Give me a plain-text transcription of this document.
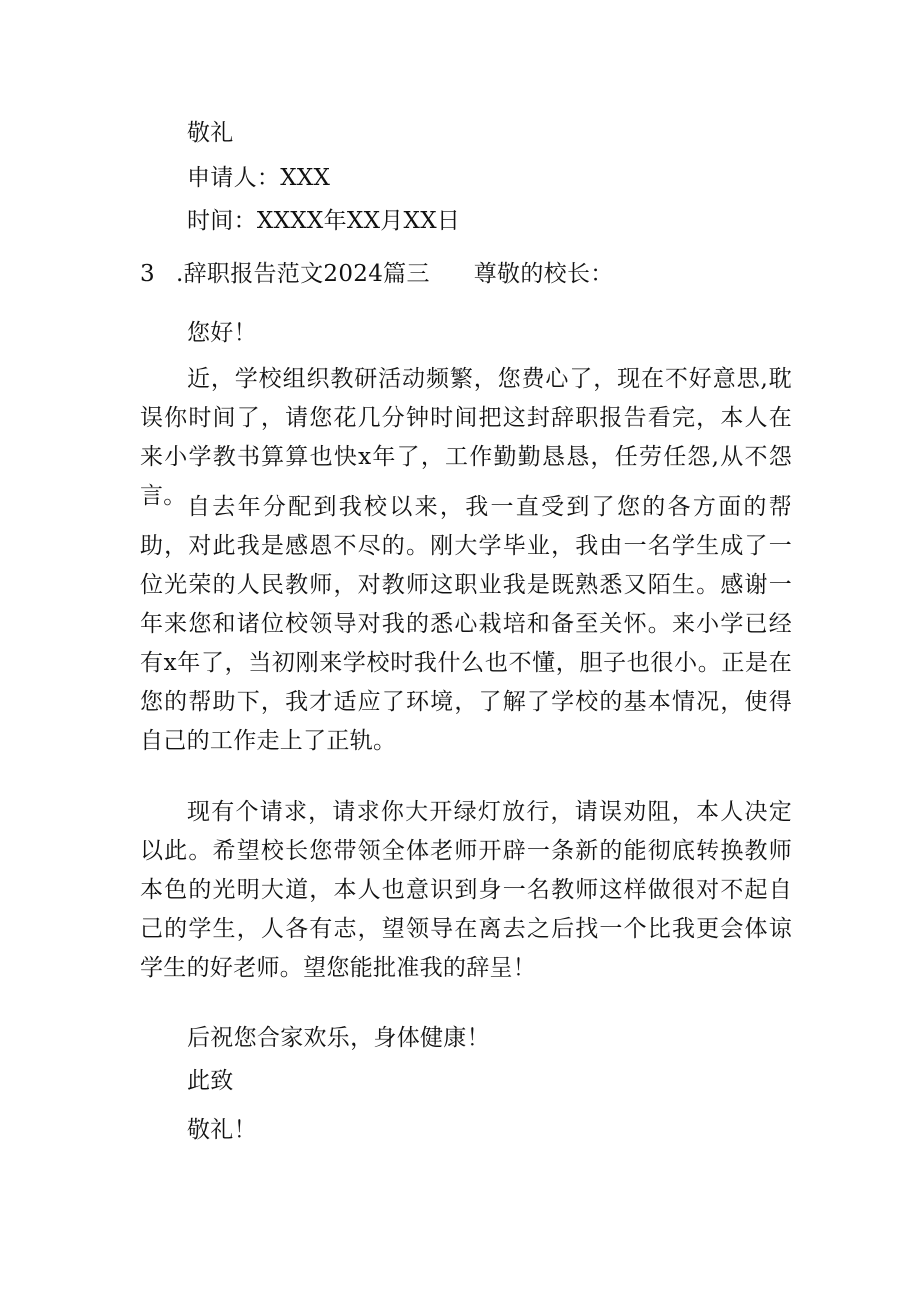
敬礼
申请人：XXX
时间：XXXX年XX月XX日
3 .辞职报告范文2024篇三 尊敬的校长：
您好！
近，学校组织教研活动频繁，您费心了，现在不好意思,耽误你时间了，请您花几分钟时间把这封辞职报告看完，本人在来小学教书算算也快x年了，工作勤勤恳恳，任劳任怨,从不怨言。 自去年分配到我校以来，我一直受到了您的各方面的帮助，对此我是感恩不尽的。刚大学毕业，我由一名学生成了一位光荣的人民教师，对教师这职业我是既熟悉又陌生。感谢一年来您和诸位校领导对我的悉心栽培和备至关怀。来小学已经有x年了，当初刚来学校时我什么也不懂，胆子也很小。正是在您的帮助下，我才适应了环境，了解了学校的基本情况，使得自己的工作走上了正轨。
现有个请求，请求你大开绿灯放行，请误劝阻，本人决定以此。希望校长您带领全体老师开辟一条新的能彻底转换教师本色的光明大道，本人也意识到身一名教师这样做很对不起自己的学生，人各有志，望领导在离去之后找一个比我更会体谅学生的好老师。望您能批准我的辞呈！
后祝您合家欢乐，身体健康！
此致
敬礼！
